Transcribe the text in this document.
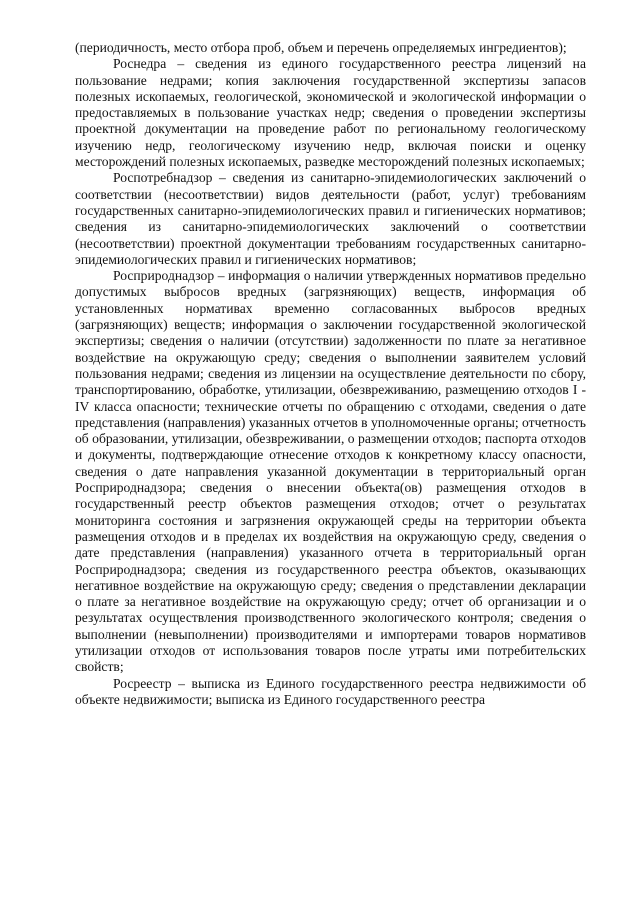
(периодичность, место отбора проб, объем и перечень определяемых ингредиентов);

Роснедра – сведения из единого государственного реестра лицензий на пользование недрами; копия заключения государственной экспертизы запасов полезных ископаемых, геологической, экономической и экологической информации о предоставляемых в пользование участках недр; сведения о проведении экспертизы проектной документации на проведение работ по региональному геологическому изучению недр, геологическому изучению недр, включая поиски и оценку месторождений полезных ископаемых, разведке месторождений полезных ископаемых;

Роспотребнадзор – сведения из санитарно-эпидемиологических заключений о соответствии (несоответствии) видов деятельности (работ, услуг) требованиям государственных санитарно-эпидемиологических правил и гигиенических нормативов; сведения из санитарно-эпидемиологических заключений о соответствии (несоответствии) проектной документации требованиям государственных санитарно-эпидемиологических правил и гигиенических нормативов;

Росприроднадзор – информация о наличии утвержденных нормативов предельно допустимых выбросов вредных (загрязняющих) веществ, информация об установленных нормативах временно согласованных выбросов вредных (загрязняющих) веществ; информация о заключении государственной экологической экспертизы; сведения о наличии (отсутствии) задолженности по плате за негативное воздействие на окружающую среду; сведения о выполнении заявителем условий пользования недрами; сведения из лицензии на осуществление деятельности по сбору, транспортированию, обработке, утилизации, обезвреживанию, размещению отходов I - IV класса опасности; технические отчеты по обращению с отходами, сведения о дате представления (направления) указанных отчетов в уполномоченные органы; отчетность об образовании, утилизации, обезвреживании, о размещении отходов; паспорта отходов и документы, подтверждающие отнесение отходов к конкретному классу опасности, сведения о дате направления указанной документации в территориальный орган Росприроднадзора; сведения о внесении объекта(ов) размещения отходов в государственный реестр объектов размещения отходов; отчет о результатах мониторинга состояния и загрязнения окружающей среды на территории объекта размещения отходов и в пределах их воздействия на окружающую среду, сведения о дате представления (направления) указанного отчета в территориальный орган Росприроднадзора; сведения из государственного реестра объектов, оказывающих негативное воздействие на окружающую среду; сведения о представлении декларации о плате за негативное воздействие на окружающую среду; отчет об организации и о результатах осуществления производственного экологического контроля; сведения о выполнении (невыполнении) производителями и импортерами товаров нормативов утилизации отходов от использования товаров после утраты ими потребительских свойств;

Росреестр – выписка из Единого государственного реестра недвижимости об объекте недвижимости; выписка из Единого государственного реестра
